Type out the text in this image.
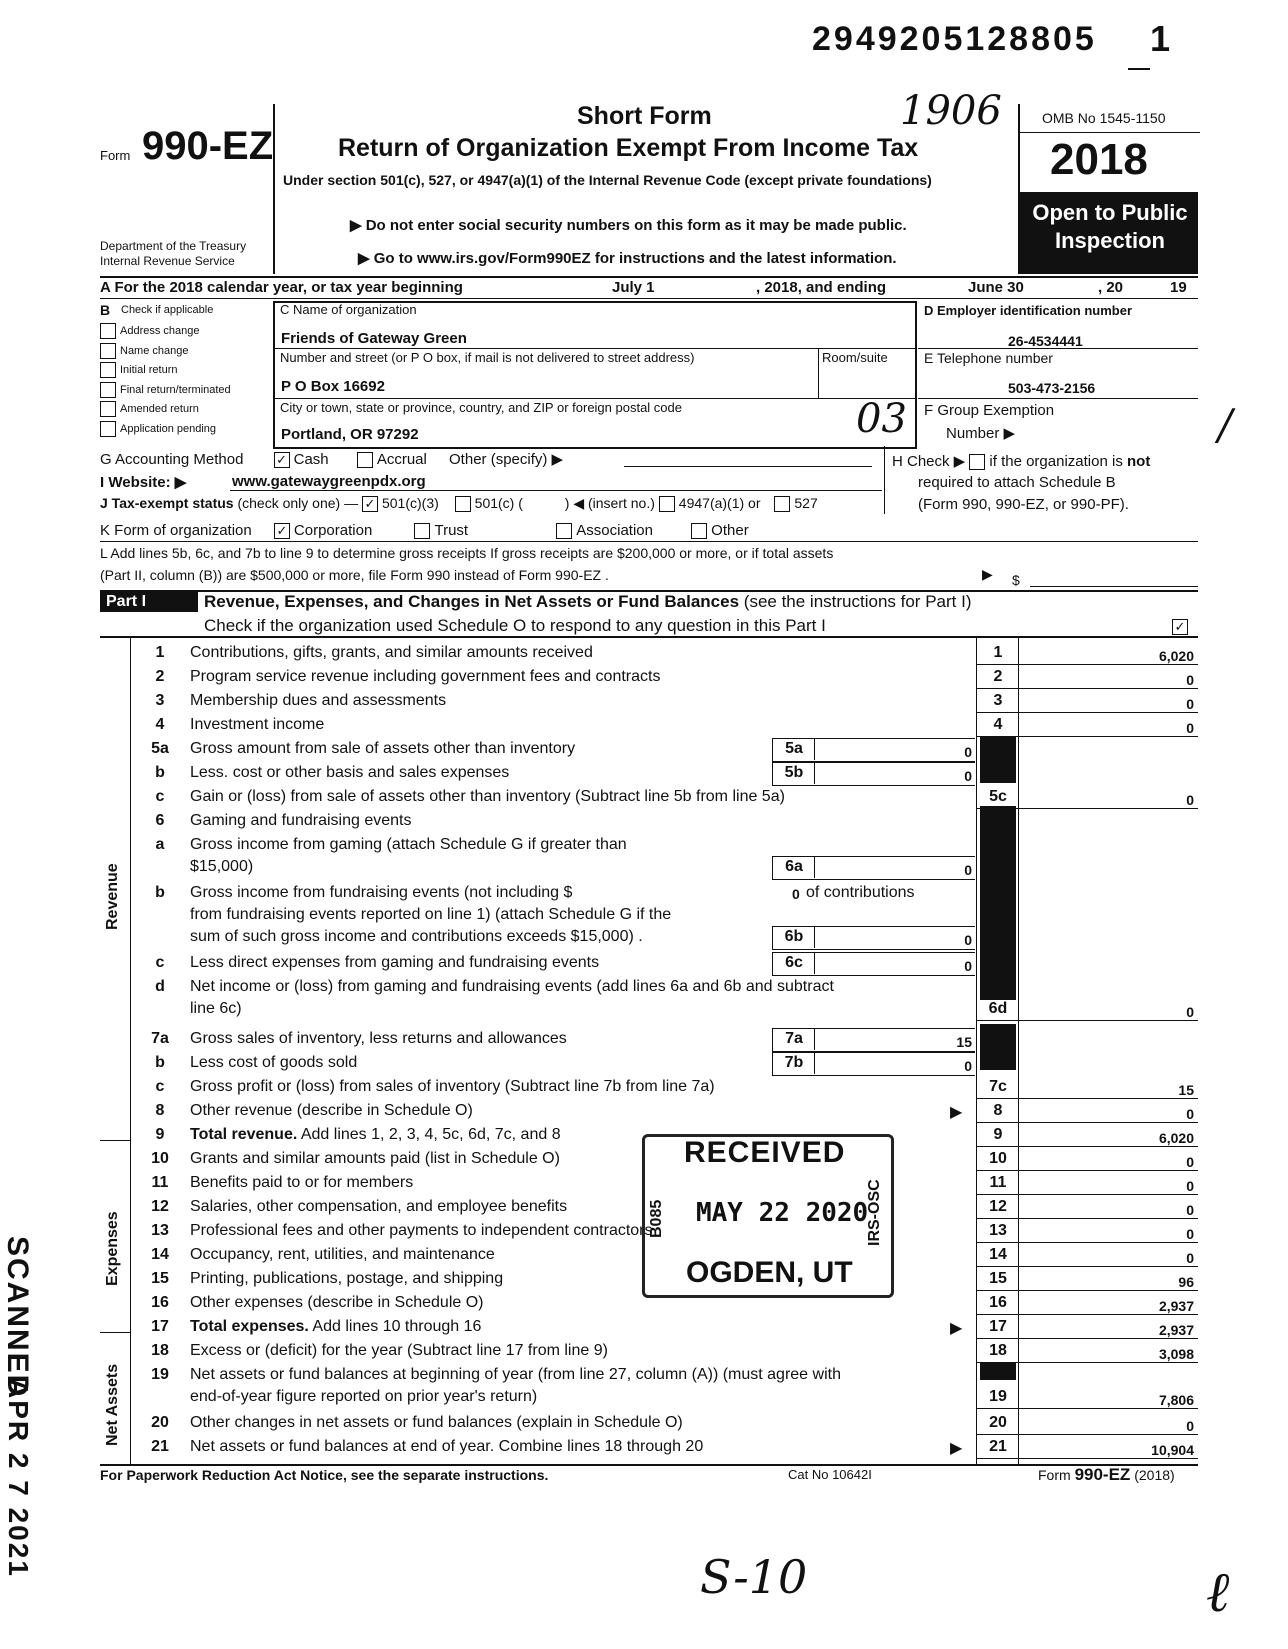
2949205128805 1
Form 990-EZ
Department of the Treasury
Internal Revenue Service
Short Form	1906
Return of Organization Exempt From Income Tax
Under section 501(c), 527, or 4947(a)(1) of the Internal Revenue Code (except private foundations)
▶ Do not enter social security numbers on this form as it may be made public.
▶ Go to www.irs.gov/Form990EZ for instructions and the latest information.
OMB No 1545-1150
2018
Open to Public
Inspection
A For the 2018 calendar year, or tax year beginning	July 1	, 2018, and ending	June 30	, 20	19
B Check if applicable
Address change
Name change
Initial return
Final return/terminated
Amended return
Application pending
C Name of organization
Friends of Gateway Green
Number and street (or P O box, if mail is not delivered to street address)	Room/suite
P O Box 16692
City or town, state or province, country, and ZIP or foreign postal code
Portland, OR 97292	03
D Employer identification number
26-4534441
E Telephone number
503-473-2156
F Group Exemption
Number ▶	/
G Accounting Method	✓ Cash	Accrual Other (specify) ▶	H Check ▶ if the organization is not
required to attach Schedule B
(Form 990, 990-EZ, or 990-PF).
I Website: ▶	www.gatewaygreenpdx.org
J Tax-exempt status (check only one) — ✓ 501(c)(3)	501(c) (	) ◀ (insert no.) 4947(a)(1) or 527
K Form of organization ✓ Corporation	Trust	Association	Other
L Add lines 5b, 6c, and 7b to line 9 to determine gross receipts If gross receipts are $200,000 or more, or if total assets
(Part II, column (B)) are $500,000 or more, file Form 990 instead of Form 990-EZ .	▶ $
Part I	Revenue, Expenses, and Changes in Net Assets or Fund Balances (see the instructions for Part I)
Check if the organization used Schedule O to respond to any question in this Part I	✓
Revenue
Expenses
Net Assets
1	Contributions, gifts, grants, and similar amounts received	1	6,020
2	Program service revenue including government fees and contracts	2	0
3	Membership dues and assessments	3	0
4	Investment income	4	0
5a	Gross amount from sale of assets other than inventory	5a	0
b	Less. cost or other basis and sales expenses	5b	0
c	Gain or (loss) from sale of assets other than inventory (Subtract line 5b from line 5a)	5c	0
6	Gaming and fundraising events
a	Gross income from gaming (attach Schedule G if greater than
$15,000)	6a	0
b	Gross income from fundraising events (not including $	0 of contributions
from fundraising events reported on line 1) (attach Schedule G if the
sum of such gross income and contributions exceeds $15,000) .	6b	0
c	Less direct expenses from gaming and fundraising events	6c	0
d	Net income or (loss) from gaming and fundraising events (add lines 6a and 6b and subtract
line 6c)	6d	0
7a	Gross sales of inventory, less returns and allowances	7a	15
b	Less cost of goods sold	7b	0
c	Gross profit or (loss) from sales of inventory (Subtract line 7b from line 7a)	7c	15
8	Other revenue (describe in Schedule O)	8	0
9	Total revenue. Add lines 1, 2, 3, 4, 5c, 6d, 7c, and 8	9	6,020
10	Grants and similar amounts paid (list in Schedule O)	10	0
11	Benefits paid to or for members	11	0
12	Salaries, other compensation, and employee benefits	12	0
13	Professional fees and other payments to independent contractors	13	0
14	Occupancy, rent, utilities, and maintenance	14	0
15	Printing, publications, postage, and shipping	15	96
16	Other expenses (describe in Schedule O)	16	2,937
17	Total expenses. Add lines 10 through 16	17	2,937
18	Excess or (deficit) for the year (Subtract line 17 from line 9)	18	3,098
19	Net assets or fund balances at beginning of year (from line 27, column (A)) (must agree with
end-of-year figure reported on prior year's return)	19	7,806
20	Other changes in net assets or fund balances (explain in Schedule O)	20	0
21	Net assets or fund balances at end of year. Combine lines 18 through 20	21	10,904
▶
▶
▶
RECEIVED
MAY 22 2020
OGDEN, UT
B085	IRS-OSC
For Paperwork Reduction Act Notice, see the separate instructions.	Cat No 10642I	Form 990-EZ (2018)
SCANNED
APR 2 7 2021	S-10	ℓ
